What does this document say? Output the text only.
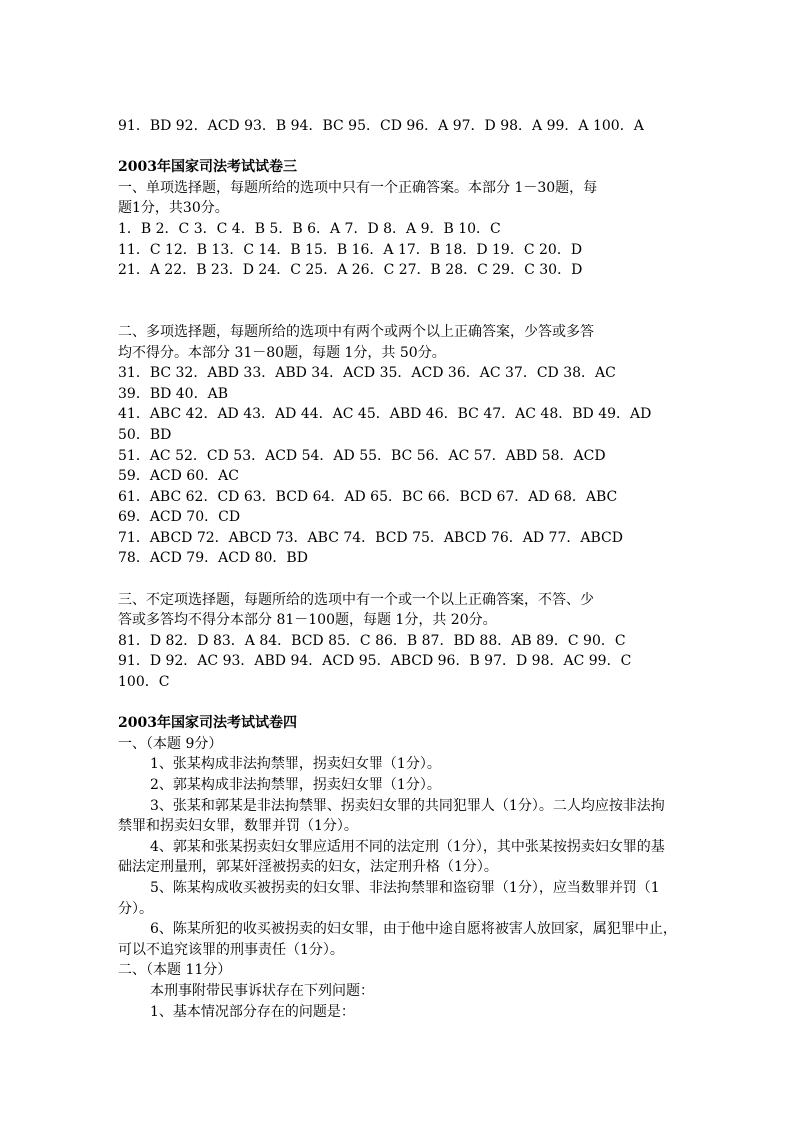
91．BD 92．ACD 93．B 94．BC 95．CD 96．A 97．D 98．A 99．A 100．A
2003年国家司法考试试卷三
一、单项选择题，每题所给的选项中只有一个正确答案。本部分 1－30题，每
题1分，共30分。
1．B 2．C 3．C 4．B 5．B 6．A 7．D 8．A 9．B 10．C
11．C 12．B 13．C 14．B 15．B 16．A 17．B 18．D 19．C 20．D
21．A 22．B 23．D 24．C 25．A 26．C 27．B 28．C 29．C 30．D
二、多项选择题，每题所给的选项中有两个或两个以上正确答案，少答或多答
均不得分。本部分 31－80题，每题 1分，共 50分。
31．BC 32．ABD 33．ABD 34．ACD 35．ACD 36．AC 37．CD 38．AC
39．BD 40．AB
41．ABC 42．AD 43．AD 44．AC 45．ABD 46．BC 47．AC 48．BD 49．AD
50．BD
51．AC 52．CD 53．ACD 54．AD 55．BC 56．AC 57．ABD 58．ACD
59．ACD 60．AC
61．ABC 62．CD 63．BCD 64．AD 65．BC 66．BCD 67．AD 68．ABC
69．ACD 70．CD
71．ABCD 72．ABCD 73．ABC 74．BCD 75．ABCD 76．AD 77．ABCD
78．ACD 79．ACD 80．BD
三、不定项选择题，每题所给的选项中有一个或一个以上正确答案，不答、少
答或多答均不得分本部分 81－100题，每题 1分，共 20分。
81．D 82．D 83．A 84．BCD 85．C 86．B 87．BD 88．AB 89．C 90．C
91．D 92．AC 93．ABD 94．ACD 95．ABCD 96．B 97．D 98．AC 99．C
100．C
2003年国家司法考试试卷四
一、（本题 9分）
1、张某构成非法拘禁罪，拐卖妇女罪（1分）。
2、郭某构成非法拘禁罪，拐卖妇女罪（1分）。
3、张某和郭某是非法拘禁罪、拐卖妇女罪的共同犯罪人（1分）。二人均应按非法拘禁罪和拐卖妇女罪，数罪并罚（1分）。
4、郭某和张某拐卖妇女罪应适用不同的法定刑（1分），其中张某按拐卖妇女罪的基础法定刑量刑，郭某奸淫被拐卖的妇女，法定刑升格（1分）。
5、陈某构成收买被拐卖的妇女罪、非法拘禁罪和盗窃罪（1分），应当数罪并罚（1分）。
6、陈某所犯的收买被拐卖的妇女罪，由于他中途自愿将被害人放回家，属犯罪中止，可以不追究该罪的刑事责任（1分）。
二、（本题 11分）
本刑事附带民事诉状存在下列问题：
1、基本情况部分存在的问题是：
